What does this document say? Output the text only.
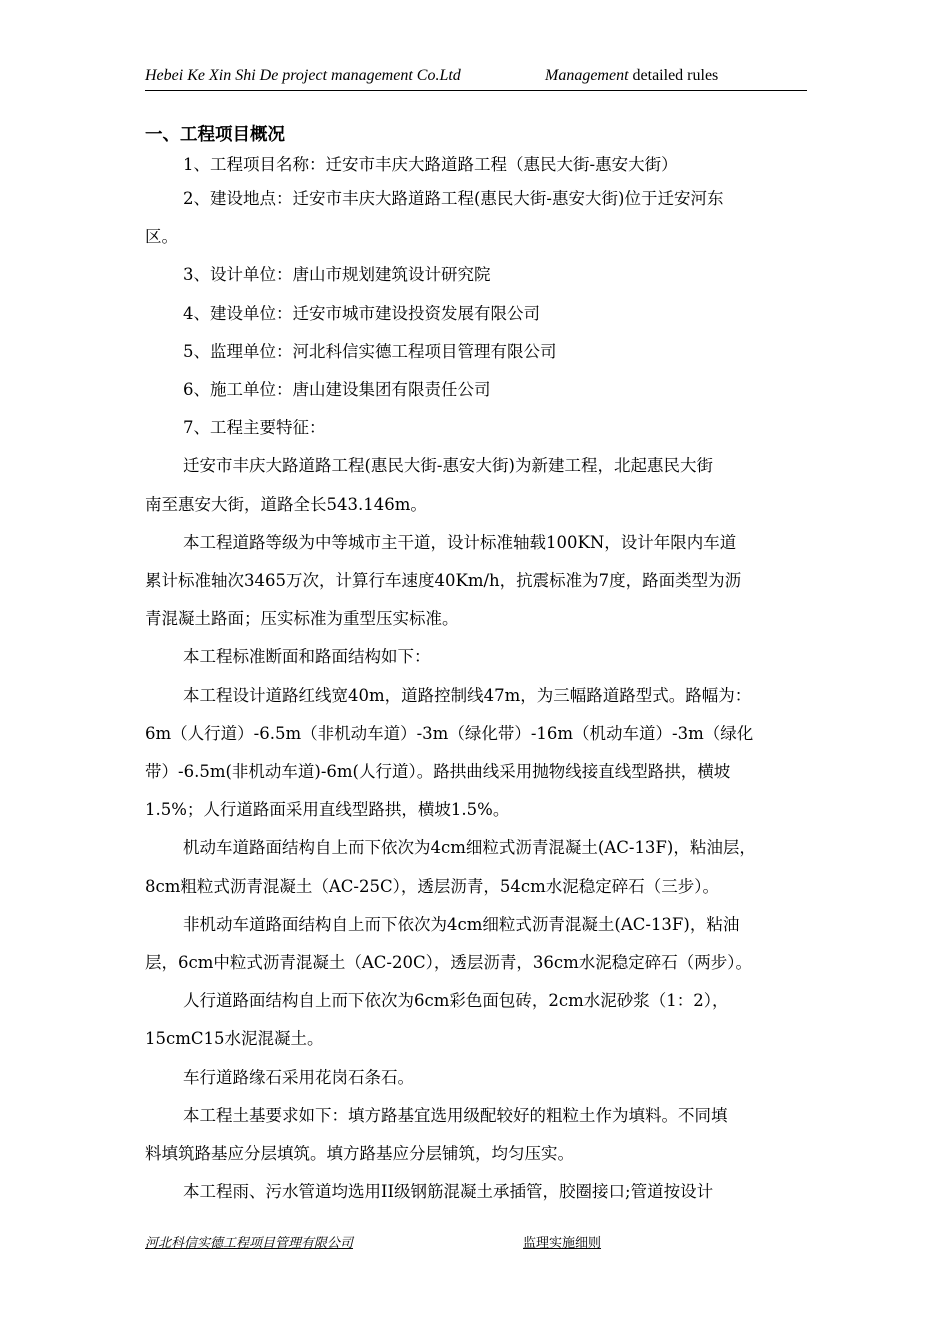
Hebei Ke Xin Shi De project management Co.Ltd	Management detailed rules

一、工程项目概况

1、工程项目名称：迁安市丰庆大路道路工程（惠民大街-惠安大街）

2、建设地点：迁安市丰庆大路道路工程(惠民大街-惠安大街)位于迁安河东

区。

3、设计单位：唐山市规划建筑设计研究院

4、建设单位：迁安市城市建设投资发展有限公司

5、监理单位：河北科信实德工程项目管理有限公司

6、施工单位：唐山建设集团有限责任公司

7、工程主要特征：

迁安市丰庆大路道路工程(惠民大街-惠安大街)为新建工程，北起惠民大街

南至惠安大街，道路全长543.146m。

本工程道路等级为中等城市主干道，设计标准轴载100KN，设计年限内车道

累计标准轴次3465万次，计算行车速度40Km/h，抗震标准为7度，路面类型为沥

青混凝土路面；压实标准为重型压实标准。

本工程标准断面和路面结构如下：

本工程设计道路红线宽40m，道路控制线47m，为三幅路道路型式。路幅为：

6m（人行道）-6.5m（非机动车道）-3m（绿化带）-16m（机动车道）-3m（绿化

带）-6.5m(非机动车道)-6m(人行道）。路拱曲线采用抛物线接直线型路拱，横坡

1.5%；人行道路面采用直线型路拱，横坡1.5%。

机动车道路面结构自上而下依次为4cm细粒式沥青混凝土(AC-13F)，粘油层，

8cm粗粒式沥青混凝土（AC-25C），透层沥青，54cm水泥稳定碎石（三步）。

非机动车道路面结构自上而下依次为4cm细粒式沥青混凝土(AC-13F)，粘油

层，6cm中粒式沥青混凝土（AC-20C），透层沥青，36cm水泥稳定碎石（两步）。

人行道路面结构自上而下依次为6cm彩色面包砖，2cm水泥砂浆（1：2），

15cmC15水泥混凝土。

车行道路缘石采用花岗石条石。

本工程土基要求如下：填方路基宜选用级配较好的粗粒土作为填料。不同填

料填筑路基应分层填筑。填方路基应分层铺筑，均匀压实。

本工程雨、污水管道均选用II级钢筋混凝土承插管，胶圈接口;管道按设计

河北科信实德工程项目管理有限公司	监理实施细则
